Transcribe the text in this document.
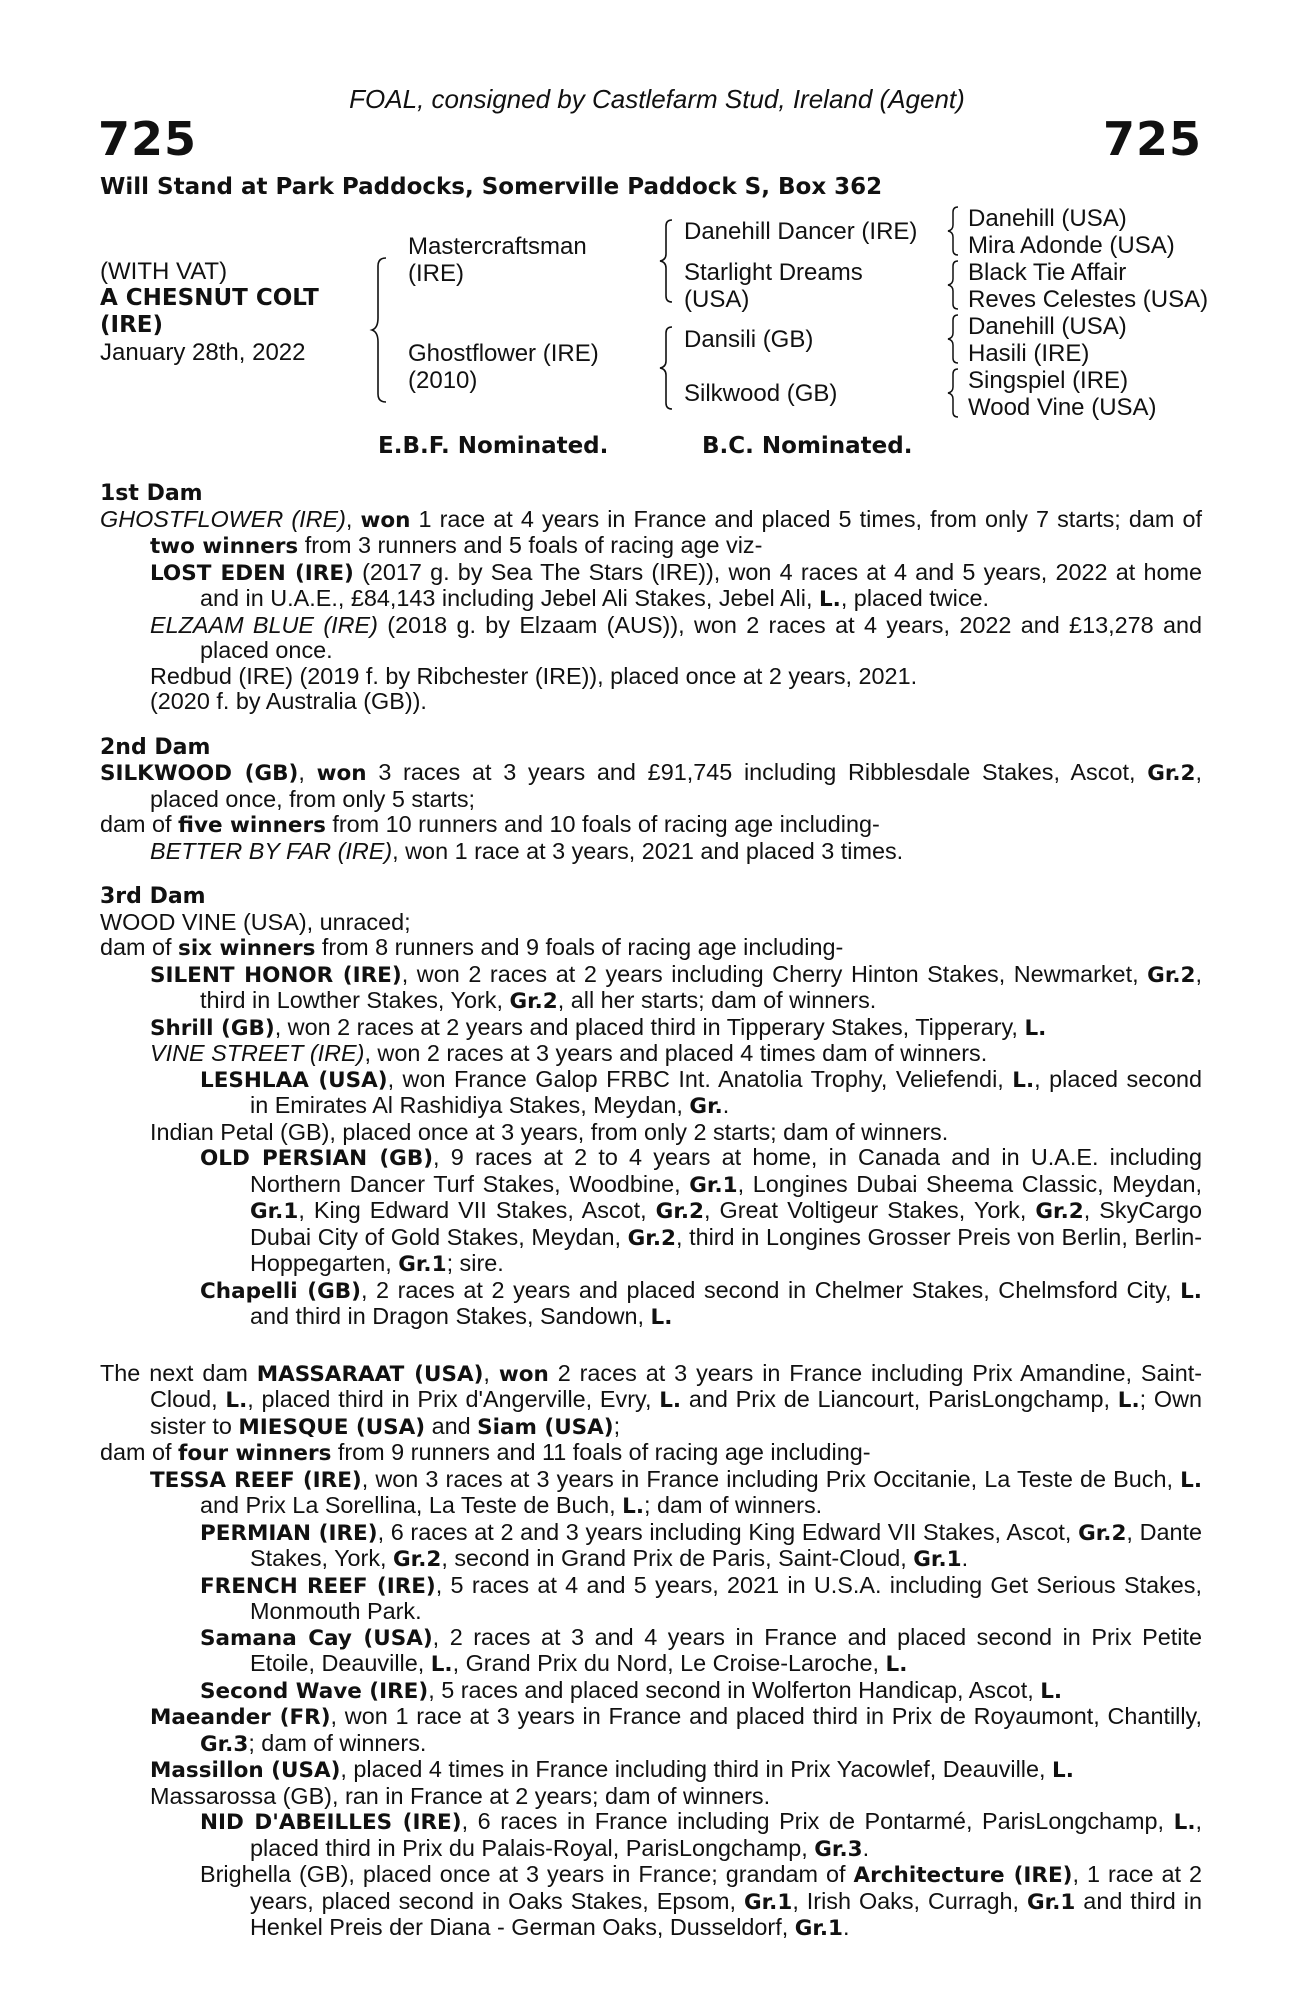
FOAL, consigned by Castlefarm Stud, Ireland (Agent)
725	725
Will Stand at Park Paddocks, Somerville Paddock S, Box 362
(WITH VAT)
A CHESNUT COLT
(IRE)
January 28th, 2022
Mastercraftsman
(IRE)
Ghostflower (IRE)
(2010)
Danehill Dancer (IRE)
Starlight Dreams
(USA)
Dansili (GB)
Silkwood (GB)
Danehill (USA)
Mira Adonde (USA)
Black Tie Affair
Reves Celestes (USA)
Danehill (USA)
Hasili (IRE)
Singspiel (IRE)
Wood Vine (USA)
E.B.F. Nominated.	B.C. Nominated.

1st Dam

GHOSTFLOWER (IRE), won 1 race at 4 years in France and placed 5 times, from only 7 starts; dam of two winners from 3 runners and 5 foals of racing age viz-

LOST EDEN (IRE) (2017 g. by Sea The Stars (IRE)), won 4 races at 4 and 5 years, 2022 at home and in U.A.E., £84,143 including Jebel Ali Stakes, Jebel Ali, L., placed twice.

ELZAAM BLUE (IRE) (2018 g. by Elzaam (AUS)), won 2 races at 4 years, 2022 and £13,278 and placed once.

Redbud (IRE) (2019 f. by Ribchester (IRE)), placed once at 2 years, 2021.

(2020 f. by Australia (GB)).

2nd Dam

SILKWOOD (GB), won 3 races at 3 years and £91,745 including Ribblesdale Stakes, Ascot, Gr.2, placed once, from only 5 starts;

dam of five winners from 10 runners and 10 foals of racing age including-

BETTER BY FAR (IRE), won 1 race at 3 years, 2021 and placed 3 times.

3rd Dam

WOOD VINE (USA), unraced;

dam of six winners from 8 runners and 9 foals of racing age including-

SILENT HONOR (IRE), won 2 races at 2 years including Cherry Hinton Stakes, Newmarket, Gr.2, third in Lowther Stakes, York, Gr.2, all her starts; dam of winners.

Shrill (GB), won 2 races at 2 years and placed third in Tipperary Stakes, Tipperary, L.

VINE STREET (IRE), won 2 races at 3 years and placed 4 times dam of winners.

LESHLAA (USA), won France Galop FRBC Int. Anatolia Trophy, Veliefendi, L., placed second in Emirates Al Rashidiya Stakes, Meydan, Gr..

Indian Petal (GB), placed once at 3 years, from only 2 starts; dam of winners.

OLD PERSIAN (GB), 9 races at 2 to 4 years at home, in Canada and in U.A.E. including Northern Dancer Turf Stakes, Woodbine, Gr.1, Longines Dubai Sheema Classic, Meydan, Gr.1, King Edward VII Stakes, Ascot, Gr.2, Great Voltigeur Stakes, York, Gr.2, SkyCargo Dubai City of Gold Stakes, Meydan, Gr.2, third in Longines Grosser Preis von Berlin, Berlin-Hoppegarten, Gr.1; sire.

Chapelli (GB), 2 races at 2 years and placed second in Chelmer Stakes, Chelmsford City, L. and third in Dragon Stakes, Sandown, L.

The next dam MASSARAAT (USA), won 2 races at 3 years in France including Prix Amandine, Saint-Cloud, L., placed third in Prix d'Angerville, Evry, L. and Prix de Liancourt, ParisLongchamp, L.; Own sister to MIESQUE (USA) and Siam (USA);

dam of four winners from 9 runners and 11 foals of racing age including-

TESSA REEF (IRE), won 3 races at 3 years in France including Prix Occitanie, La Teste de Buch, L. and Prix La Sorellina, La Teste de Buch, L.; dam of winners.

PERMIAN (IRE), 6 races at 2 and 3 years including King Edward VII Stakes, Ascot, Gr.2, Dante Stakes, York, Gr.2, second in Grand Prix de Paris, Saint-Cloud, Gr.1.

FRENCH REEF (IRE), 5 races at 4 and 5 years, 2021 in U.S.A. including Get Serious Stakes, Monmouth Park.

Samana Cay (USA), 2 races at 3 and 4 years in France and placed second in Prix Petite Etoile, Deauville, L., Grand Prix du Nord, Le Croise-Laroche, L.

Second Wave (IRE), 5 races and placed second in Wolferton Handicap, Ascot, L.

Maeander (FR), won 1 race at 3 years in France and placed third in Prix de Royaumont, Chantilly, Gr.3; dam of winners.

Massillon (USA), placed 4 times in France including third in Prix Yacowlef, Deauville, L.

Massarossa (GB), ran in France at 2 years; dam of winners.

NID D'ABEILLES (IRE), 6 races in France including Prix de Pontarmé, ParisLongchamp, L., placed third in Prix du Palais-Royal, ParisLongchamp, Gr.3.

Brighella (GB), placed once at 3 years in France; grandam of Architecture (IRE), 1 race at 2 years, placed second in Oaks Stakes, Epsom, Gr.1, Irish Oaks, Curragh, Gr.1 and third in Henkel Preis der Diana - German Oaks, Dusseldorf, Gr.1.
